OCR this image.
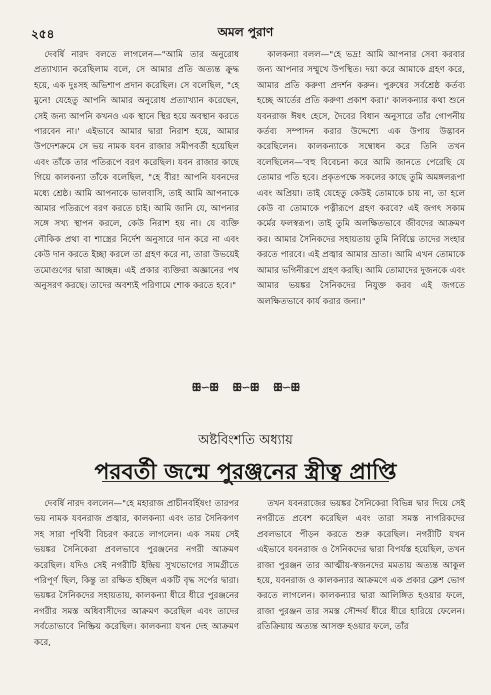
২৫৪	অমল পুরাণ

দেবর্ষি নারদ বলতে লাগলেন—"আমি তার অনুরোধ প্রত্যাখ্যান করেছিলাম বলে, সে আমার প্রতি অত্যন্ত ক্রুদ্ধ হয়ে, এক দুঃসহ অভিশাপ প্রদান করেছিল। সে বলেছিল, "হে মুনে! যেহেতু আপনি আমার অনুরোধ প্রত্যাখ্যান করেছেন, সেই জন্য আপনি কখনও এক স্থানে স্থির হয়ে অবস্থান করতে পারবেন না।' এইভাবে আমার দ্বারা নিরাশ হয়ে, আমার উপদেশক্রমে সে ভয় নামক যবন রাজার সমীপবর্তী হয়েছিল এবং তাঁকে তার পতিরূপে বরণ করেছিল। যবন রাজার কাছে গিয়ে কালকন্যা তাঁকে বলেছিল, "হে বীর! আপনি যবনদের মধ্যে শ্রেষ্ঠ। আমি আপনাকে ভালবাসি, তাই আমি আপনাকে আমার পতিরূপে বরণ করতে চাই। আমি জানি যে, আপনার সঙ্গে সখ্য স্থাপন করলে, কেউ নিরাশ হয় না। যে ব্যক্তি লৌকিক প্রথা বা শাস্ত্রের নির্দেশ অনুসারে দান করে না এবং কেউ দান করতে ইচ্ছা করলে তা গ্রহণ করে না, তারা উভয়েই তমোগুণের দ্বারা আচ্ছন্ন। এই প্রকার ব্যক্তিরা অজ্ঞানের পথ অনুসরণ করছে। তাদের অবশ্যই পরিণামে শোক করতে হবে।"

কালকন্যা বলল—"হে ভদ্র! আমি আপনার সেবা করবার জন্য আপনার সম্মুখে উপস্থিত। দয়া করে আমাকে গ্রহণ করে, আমার প্রতি করুণা প্রদর্শন করুন। পুরুষের সর্বশ্রেষ্ঠ কর্তব্য হচ্ছে আর্তের প্রতি করুণা প্রকাশ করা।' কালকন্যার কথা শুনে যবনরাজ ঈষৎ হেসে, দৈবের বিধান অনুসারে তাঁর গোপনীয় কর্তব্য সম্পাদন করার উদ্দেশ্যে এক উপায় উদ্ভাবন করেছিলেন। কালকন্যাকে সম্বোধন করে তিনি তখন বলেছিলেন—'বহু বিবেচনা করে আমি জানতে পেরেছি যে তোমার পতি হবে। প্রকৃতপক্ষে সকলের কাছে তুমি অমঙ্গলরূপা এবং অপ্রিয়া। তাই যেহেতু কেউই তোমাকে চায় না, তা হলে কেউ বা তোমাকে পত্নীরূপে গ্রহণ করবে? এই জগৎ সকাম কর্মের ফলস্বরূপ। তাই তুমি অলক্ষিতভাবে জীবদের আক্রমণ কর। আমার সৈনিকদের সহায়তায় তুমি নির্বিঘ্নে তাদের সংহার করতে পারবে। এই প্রজ্বার আমার ভ্রাতা। আমি এখন তোমাকে আমার ভগিনীরূপে গ্রহণ করছি। আমি তোমাদের দুজনকে এবং আমার ভয়ঙ্কর সৈনিকদের নিযুক্ত করব এই জগতে অলক্ষিতভাবে কার্য করার জন্য।"

ꕥ∽ꕥ ꕥ∽ꕥ ꕥ∽ꕥ
অষ্টবিংশতি অধ্যায়
পরবর্তী জন্মে পুরঞ্জনের স্ত্রীত্ব প্রাপ্তি

দেবর্ষি নারদ বললেন—"হে মহারাজ প্রাচীনবর্হিষং! তারপর ভয় নামক যবনরাজ প্রজ্বার, কালকন্যা এবং তার সৈনিকগণ সহ সারা পৃথিবী বিচরণ করতে লাগলেন। এক সময় সেই ভয়ঙ্কর সৈনিকেরা প্রবলভাবে পুরঞ্জনের নগরী আক্রমণ করেছিল। যদিও সেই নগরীটি ইন্দ্রিয় সুখভোগের সামগ্রীতে পরিপূর্ণ ছিল, কিন্তু তা রক্ষিত হচ্ছিল একটি বৃদ্ধ সর্পের দ্বারা। ভয়ঙ্কর সৈনিকদের সহায়তায়, কালকন্যা ধীরে ধীরে পুরঞ্জনের নগরীর সমস্ত অধিবাসীদের আক্রমণ করেছিল এবং তাদের সর্বতোভাবে নিষ্ক্রিয় করেছিল। কালকন্যা যখন দেহ আক্রমণ করে,

তখন যবনরাজের ভয়ঙ্কর সৈনিকেরা বিভিন্ন দ্বার দিয়ে সেই নগরীতে প্রবেশ করেছিল এবং তারা সমস্ত নাগরিকদের প্রবলভাবে পীড়ন করতে শুরু করেছিল। নগরীটি যখন এইভাবে যবনরাজ ও সৈনিকদের দ্বারা বিপর্যস্ত হয়েছিল, তখন রাজা পুরঞ্জন তার আত্মীয়-স্বজনদের মমতায় অত্যন্ত আকুল হয়ে, যবনরাজ ও কালকন্যার আক্রমণে এক প্রকার ক্লেশ ভোগ করতে লাগলেন। কালকন্যার দ্বারা আলিঙ্গিত হওয়ার ফলে, রাজা পুরঞ্জন তার সমস্ত সৌন্দর্য ধীরে ধীরে হারিয়ে ফেলেন। রতিক্রিয়ায় অত্যন্ত আসক্ত হওয়ার ফলে, তাঁর
